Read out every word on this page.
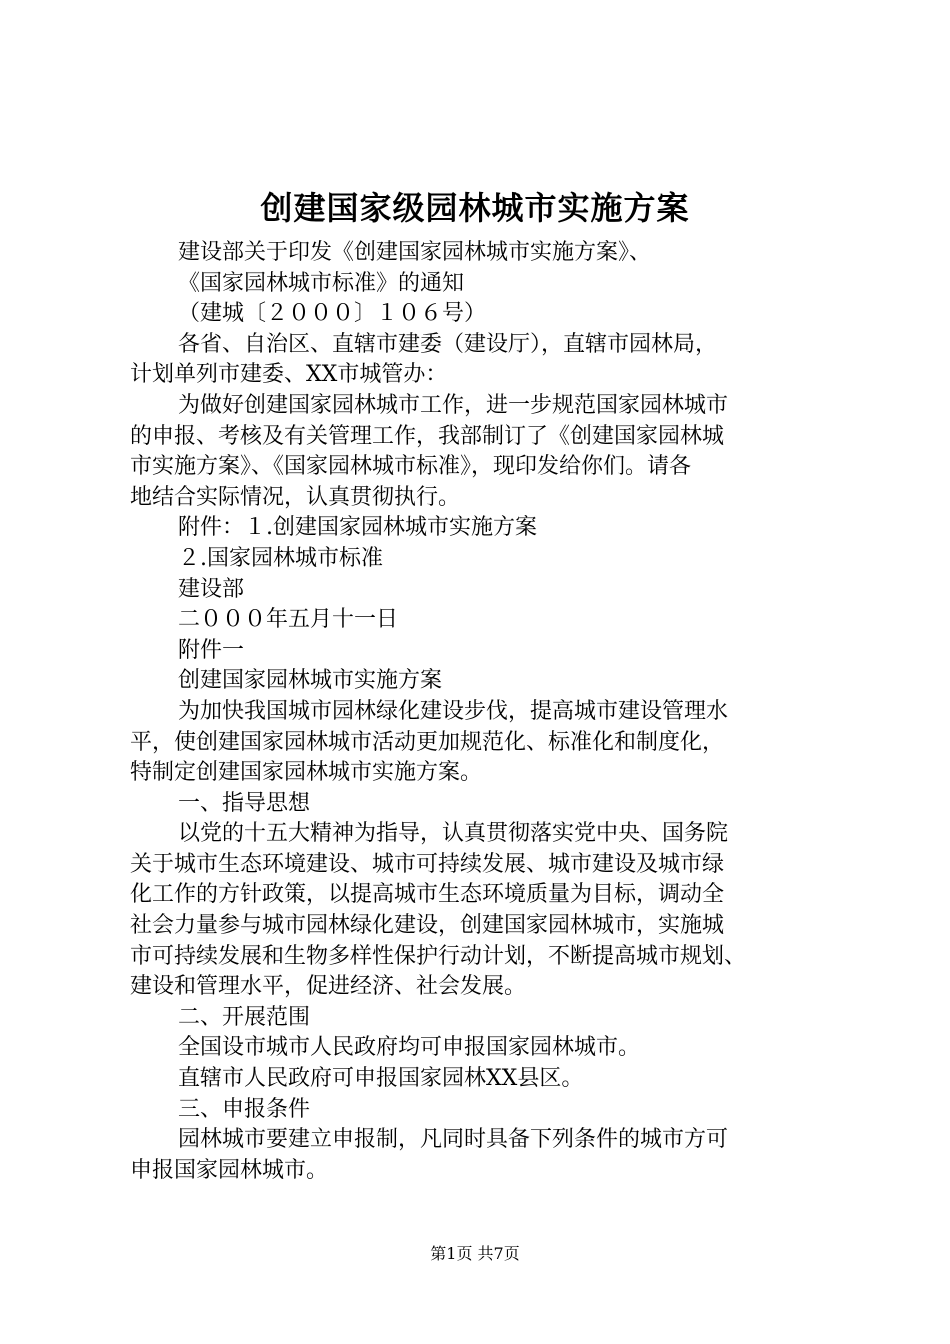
创建国家级园林城市实施方案

建设部关于印发《创建国家园林城市实施方案》、
《国家园林城市标准》的通知
（建城〔２０００〕１０６号）
各省、自治区、直辖市建委（建设厅），直辖市园林局，
计划单列市建委、XX市城管办：
为做好创建国家园林城市工作，进一步规范国家园林城市
的申报、考核及有关管理工作，我部制订了《创建国家园林城
市实施方案》、《国家园林城市标准》，现印发给你们。请各
地结合实际情况，认真贯彻执行。
附件：１.创建国家园林城市实施方案
２.国家园林城市标准
建设部
二０００年五月十一日
附件一
创建国家园林城市实施方案
为加快我国城市园林绿化建设步伐，提高城市建设管理水
平，使创建国家园林城市活动更加规范化、标准化和制度化，
特制定创建国家园林城市实施方案。
一、指导思想
以党的十五大精神为指导，认真贯彻落实党中央、国务院
关于城市生态环境建设、城市可持续发展、城市建设及城市绿
化工作的方针政策，以提高城市生态环境质量为目标，调动全
社会力量参与城市园林绿化建设，创建国家园林城市，实施城
市可持续发展和生物多样性保护行动计划，不断提高城市规划、
建设和管理水平，促进经济、社会发展。
二、开展范围
全国设市城市人民政府均可申报国家园林城市。
直辖市人民政府可申报国家园林XX县区。
三、申报条件
园林城市要建立申报制，凡同时具备下列条件的城市方可
申报国家园林城市。

第1页 共7页
